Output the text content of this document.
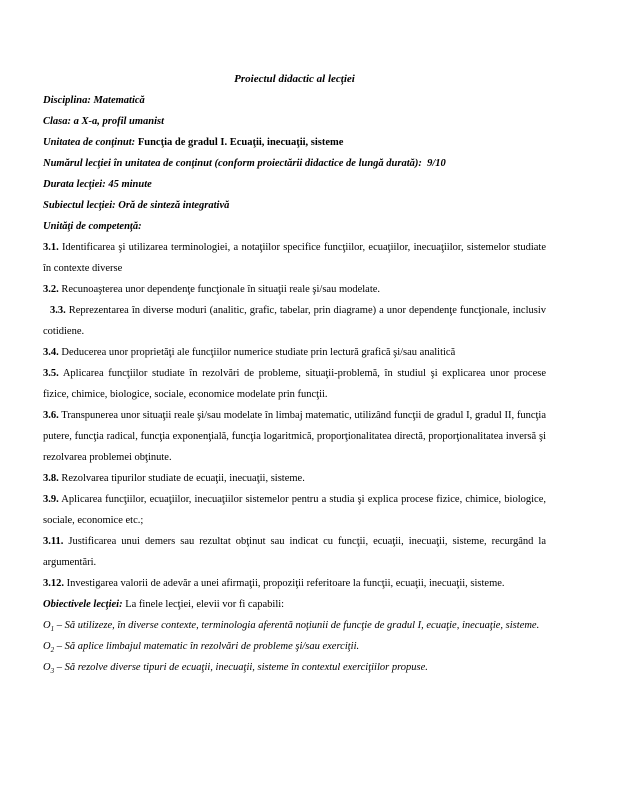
Proiectul didactic al lecţiei

Disciplina: Matematică

Clasa: a X-a, profil umanist

Unitatea de conţinut: Funcţia de gradul I. Ecuaţii, inecuaţii, sisteme

Numărul lecţiei în unitatea de conţinut (conform proiectării didactice de lungă durată):  9/10

Durata lecţiei: 45 minute

Subiectul lecţiei: Oră de sinteză integrativă

Unităţi de competenţă:

3.1. Identificarea şi utilizarea terminologiei, a notaţiilor specifice funcţiilor, ecuaţiilor, inecuaţiilor, sistemelor studiate în contexte diverse

3.2. Recunoaşterea unor dependenţe funcţionale în situaţii reale şi/sau modelate.

3.3. Reprezentarea în diverse moduri (analitic, grafic, tabelar, prin diagrame) a unor dependenţe funcţionale, inclusiv cotidiene.

3.4. Deducerea unor proprietăţi ale funcţiilor numerice studiate prin lectură grafică şi/sau analitică

3.5. Aplicarea funcţiilor studiate în rezolvări de probleme, situaţii-problemă, în studiul şi explicarea unor procese fizice, chimice, biologice, sociale, economice modelate prin funcţii.

3.6. Transpunerea unor situaţii reale şi/sau modelate în limbaj matematic, utilizând funcţii de gradul I, gradul II, funcţia putere, funcţia radical, funcţia exponenţială, funcţia logaritmică, proporţionalitatea directă, proporţionalitatea inversă şi rezolvarea problemei obţinute.

3.8. Rezolvarea tipurilor studiate de ecuaţii, inecuaţii, sisteme.

3.9. Aplicarea funcţiilor, ecuaţiilor, inecuaţiilor sistemelor pentru a studia şi explica procese fizice, chimice, biologice, sociale, economice etc.;

3.11. Justificarea unui demers sau rezultat obţinut sau indicat cu funcţii, ecuaţii, inecuaţii, sisteme, recurgând la argumentări.

3.12. Investigarea valorii de adevăr a unei afirmaţii, propoziţii referitoare la funcţii, ecuaţii, inecuaţii, sisteme.

Obiectivele lecţiei: La finele lecţiei, elevii vor fi capabili:

$O_1$ – Să utilizeze, în diverse contexte, terminologia aferentă noţiunii de funcţie de gradul I, ecuaţie, inecuaţie, sisteme.

$O_2$ – Să aplice limbajul matematic în rezolvări de probleme şi/sau exerciţii.

$O_3$ – Să rezolve diverse tipuri de ecuaţii, inecuaţii, sisteme în contextul exerciţiilor propuse.
